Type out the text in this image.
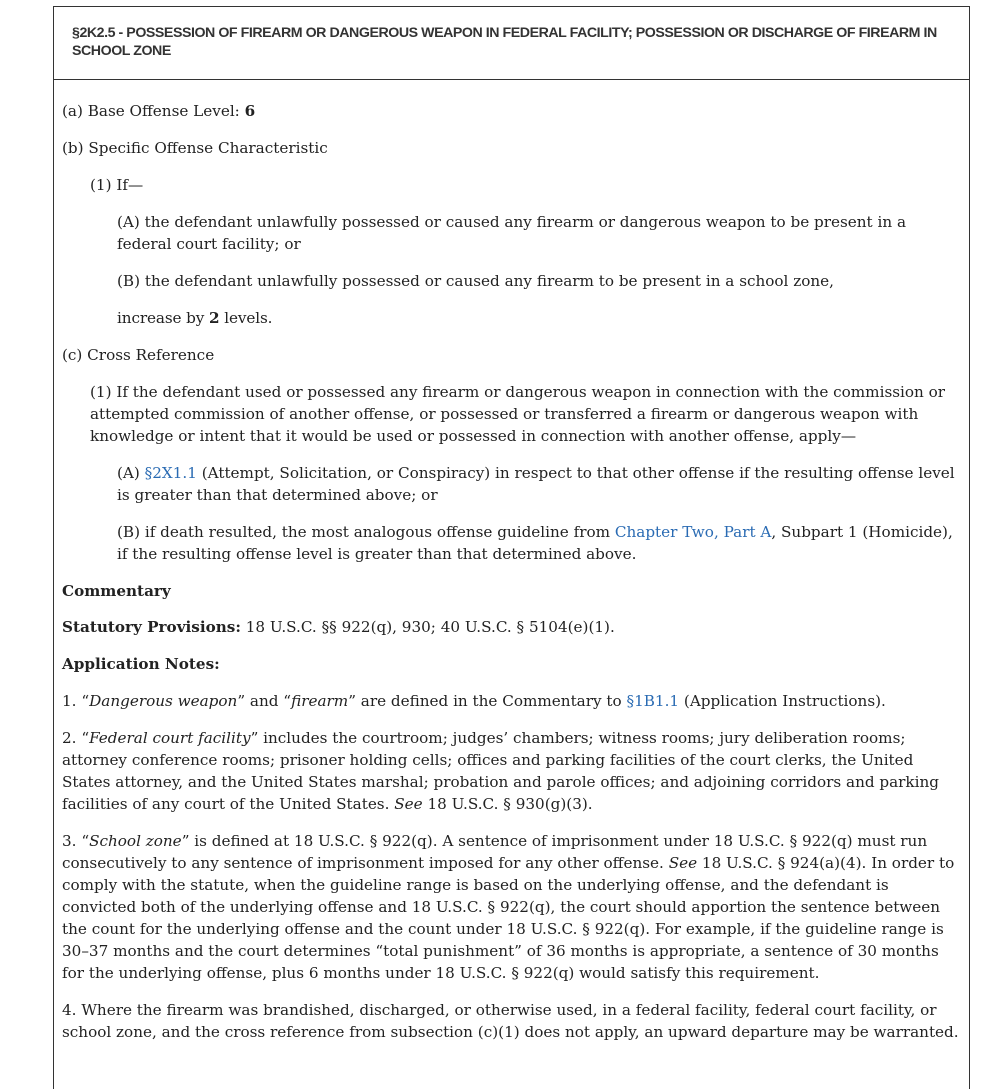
§2K2.5 - POSSESSION OF FIREARM OR DANGEROUS WEAPON IN FEDERAL FACILITY; POSSESSION OR DISCHARGE OF FIREARM IN SCHOOL ZONE

(a) Base Offense Level: 6

(b) Specific Offense Characteristic

(1) If—

(A) the defendant unlawfully possessed or caused any firearm or dangerous weapon to be present in a federal court facility; or

(B) the defendant unlawfully possessed or caused any firearm to be present in a school zone,

increase by 2 levels.

(c) Cross Reference

(1) If the defendant used or possessed any firearm or dangerous weapon in connection with the commission or attempted commission of another offense, or possessed or transferred a firearm or dangerous weapon with knowledge or intent that it would be used or possessed in connection with another offense, apply—

(A) §2X1.1 (Attempt, Solicitation, or Conspiracy) in respect to that other offense if the resulting offense level is greater than that determined above; or

(B) if death resulted, the most analogous offense guideline from Chapter Two, Part A, Subpart 1 (Homicide), if the resulting offense level is greater than that determined above.

Commentary

Statutory Provisions: 18 U.S.C. §§ 922(q), 930; 40 U.S.C. § 5104(e)(1).

Application Notes:

1. “Dangerous weapon” and “firearm” are defined in the Commentary to §1B1.1 (Application Instructions).

2. “Federal court facility” includes the courtroom; judges’ chambers; witness rooms; jury deliberation rooms; attorney conference rooms; prisoner holding cells; offices and parking facilities of the court clerks, the United States attorney, and the United States marshal; probation and parole offices; and adjoining corridors and parking facilities of any court of the United States. See 18 U.S.C. § 930(g)(3).

3. “School zone” is defined at 18 U.S.C. § 922(q). A sentence of imprisonment under 18 U.S.C. § 922(q) must run consecutively to any sentence of imprisonment imposed for any other offense. See 18 U.S.C. § 924(a)(4). In order to comply with the statute, when the guideline range is based on the underlying offense, and the defendant is convicted both of the underlying offense and 18 U.S.C. § 922(q), the court should apportion the sentence between the count for the underlying offense and the count under 18 U.S.C. § 922(q). For example, if the guideline range is 30–37 months and the court determines “total punishment” of 36 months is appropriate, a sentence of 30 months for the underlying offense, plus 6 months under 18 U.S.C. § 922(q) would satisfy this requirement.

4. Where the firearm was brandished, discharged, or otherwise used, in a federal facility, federal court facility, or school zone, and the cross reference from subsection (c)(1) does not apply, an upward departure may be warranted.
